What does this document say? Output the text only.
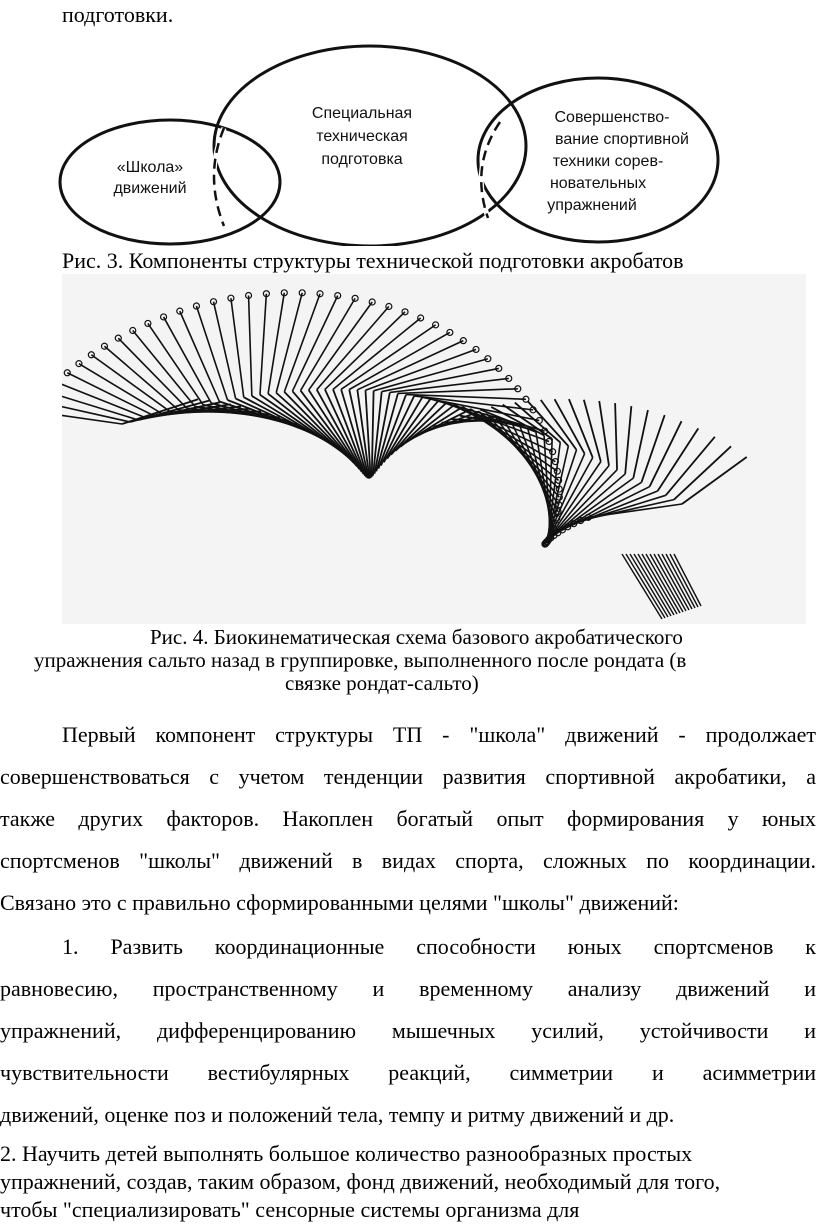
подготовки.
«Школа»
движений
Специальная
техническая
подготовка
Совершенство-
вание спортивной
техники сорев-
новательных
упражнений
Рис. 3. Компоненты структуры технической подготовки акробатов
Рис. 4. Биокинематическая схема базового акробатического
упражнения сальто назад в группировке, выполненного после рондата (в
связке рондат-сальто)
Первый компонент структуры ТП - "школа" движений - продолжает
совершенствоваться с учетом тенденции развития спортивной акробатики, а
также других факторов. Накоплен богатый опыт формирования у юных
спортсменов "школы" движений в видах спорта, сложных по координации.
Связано это с правильно сформированными целями "школы" движений:
1. Развить координационные способности юных спортсменов к
равновесию, пространственному и временному анализу движений и
упражнений, дифференцированию мышечных усилий, устойчивости и
чувствительности вестибулярных реакций, симметрии и асимметрии
движений, оценке поз и положений тела, темпу и ритму движений и др.
2. Научить детей выполнять большое количество разнообразных простых
упражнений, создав, таким образом, фонд движений, необходимый для того,
чтобы "специализировать" сенсорные системы организма для
